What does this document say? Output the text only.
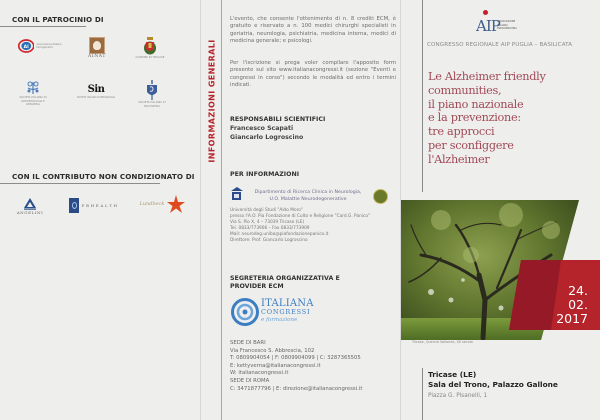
CON IL PATROCINIO DI
AI
Associazione Italiana Psicogeriatria
AINAT	COMUNE DI TRICASE
SOCIETÀ ITALIANA DI GERONTOLOGIA E GERIATRIA
Sin
SOCIETÀ ITALIANA DI NEUROLOGIA
SOCIETÀ ITALIANA DI PSICHIATRIA
CON IL CONTRIBUTO NON CONDIZIONATO DI
ANGELINI
F B H E A L T H	Lundbeck
INFORMAZIONI GENERALI
L'evento, che consente l'ottenimento di n. 8 crediti ECM, è gratuito e riservato a n. 100 medici chirurghi specialisti in geriatria, neurologia, psichiatria, medicina interna, medici di medicina generale; e psicologi.
Per l'iscrizione si prega voler compilare l'apposito form presente sul sito www.italianacongressi.it (sezione "Eventi e congressi in corso") secondo le modalità ed entro i termini indicati.
RESPONSABILI SCIENTIFICI
Francesco Scapati
Giancarlo Logroscino
PER INFORMAZIONI
Dipartimento di Ricerca Clinica in Neurologia,
U.O. Malattie Neurodegenerative
Università degli Studi "Aldo Moro"
presso l'A.O. Pia Fondazione di Culto e Religione "Card.G. Panico"
Via S. Pio X, 4 – 73039 Tricase (LE)
Tel. 0833/773906 – Fax 0833/773909
Mail: neurodeg.uniba@piafondazionepanico.it
Direttore: Prof. Giancarlo Logroscino
SEGRETERIA ORGANIZZATIVA E
PROVIDER ECM
ITALIANA
CONGRESSI
e formazione
SEDE DI BARI
Via Francesco S. Abbrescia, 102
T: 0809904054 | F: 0809904099 | C: 3287365505
E: kettyverna@italianacongressi.it
W: italianacongressi.it
SEDE DI ROMA
C: 3471877796 | E: direzione@italianacongressi.it
AIP
ASSOCIAZIONE ITALIANA PSICOGERIATRIA
CONGRESSO REGIONALE AIP PUGLIA – BASILICATA
Le Alzheimer friendly
communities,
il piano nazionale
e la prevenzione:
tre approcci
per sconfiggere
l'Alzheimer
24.
02.
2017
Tricase, Quercia Vallonea, XII secolo
Tricase (LE)
Sala del Trono, Palazzo Gallone
Piazza G. Pisanelli, 1
